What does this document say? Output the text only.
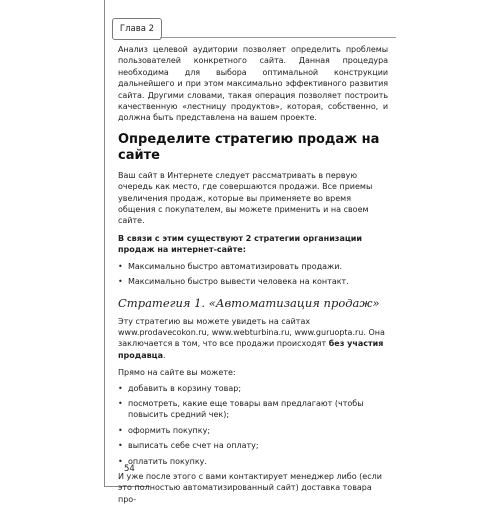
Глава 2

Анализ целевой аудитории позволяет определить проблемы пользователей конкретного сайта. Данная процедура необходима для выбора оптимальной конструкции дальнейшего и при этом максимально эффективного развития сайта. Другими словами, такая операция позволяет построить качественную «лестницу продуктов», которая, собственно, и должна быть представлена на вашем проекте.

Определите стратегию продаж на сайте

Ваш сайт в Интернете следует рассматривать в первую очередь как место, где совершаются продажи. Все приемы увеличения продаж, которые вы применяете во время общения с покупателем, вы можете применить и на своем сайте.

В связи с этим существуют 2 стратегии организации продаж на интернет-сайте:

• Максимально быстро автоматизировать продажи.
• Максимально быстро вывести человека на контакт.
Стратегия 1. «Автоматизация продаж»

Эту стратегию вы можете увидеть на сайтах www.prodavecokon.ru, www.webturbina.ru, www.guruopta.ru. Она заключается в том, что все продажи происходят без участия продавца.

Прямо на сайте вы можете:

• добавить в корзину товар;
• посмотреть, какие еще товары вам предлагают (чтобы повысить средний чек);
• оформить покупку;
• выписать себе счет на оплату;
• оплатить покупку.

И уже после этого с вами контактирует менеджер либо (если это полностью автоматизированный сайт) доставка товара про-

54
